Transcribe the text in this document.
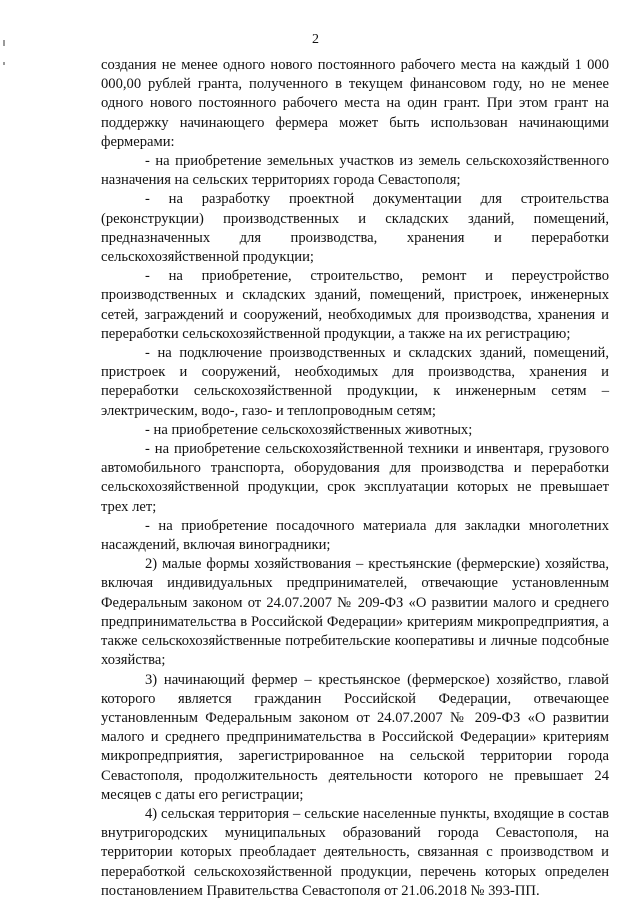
2

создания не менее одного нового постоянного рабочего места на каждый 1 000 000,00 рублей гранта, полученного в текущем финансовом году, но не менее одного нового постоянного рабочего места на один грант. При этом грант на поддержку начинающего фермера может быть использован начинающими фермерами:

- на приобретение земельных участков из земель сельскохозяйственного назначения на сельских территориях города Севастополя;

- на разработку проектной документации для строительства (реконструкции) производственных и складских зданий, помещений, предназначенных для производства, хранения и переработки сельскохозяйственной продукции;

- на приобретение, строительство, ремонт и переустройство производственных и складских зданий, помещений, пристроек, инженерных сетей, заграждений и сооружений, необходимых для производства, хранения и переработки сельскохозяйственной продукции, а также на их регистрацию;

- на подключение производственных и складских зданий, помещений, пристроек и сооружений, необходимых для производства, хранения и переработки сельскохозяйственной продукции, к инженерным сетям – электрическим, водо-, газо- и теплопроводным сетям;

- на приобретение сельскохозяйственных животных;

- на приобретение сельскохозяйственной техники и инвентаря, грузового автомобильного транспорта, оборудования для производства и переработки сельскохозяйственной продукции, срок эксплуатации которых не превышает трех лет;

- на приобретение посадочного материала для закладки многолетних насаждений, включая виноградники;

2) малые формы хозяйствования – крестьянские (фермерские) хозяйства, включая индивидуальных предпринимателей, отвечающие установленным Федеральным законом от 24.07.2007 № 209-ФЗ «О развитии малого и среднего предпринимательства в Российской Федерации» критериям микропредприятия, а также сельскохозяйственные потребительские кооперативы и личные подсобные хозяйства;

3) начинающий фермер – крестьянское (фермерское) хозяйство, главой которого является гражданин Российской Федерации, отвечающее установленным Федеральным законом от 24.07.2007 № 209-ФЗ «О развитии малого и среднего предпринимательства в Российской Федерации» критериям микропредприятия, зарегистрированное на сельской территории города Севастополя, продолжительность деятельности которого не превышает 24 месяцев с даты его регистрации;

4) сельская территория – сельские населенные пункты, входящие в состав внутригородских муниципальных образований города Севастополя, на территории которых преобладает деятельность, связанная с производством и переработкой сельскохозяйственной продукции, перечень которых определен постановлением Правительства Севастополя от 21.06.2018 № 393-ПП.
